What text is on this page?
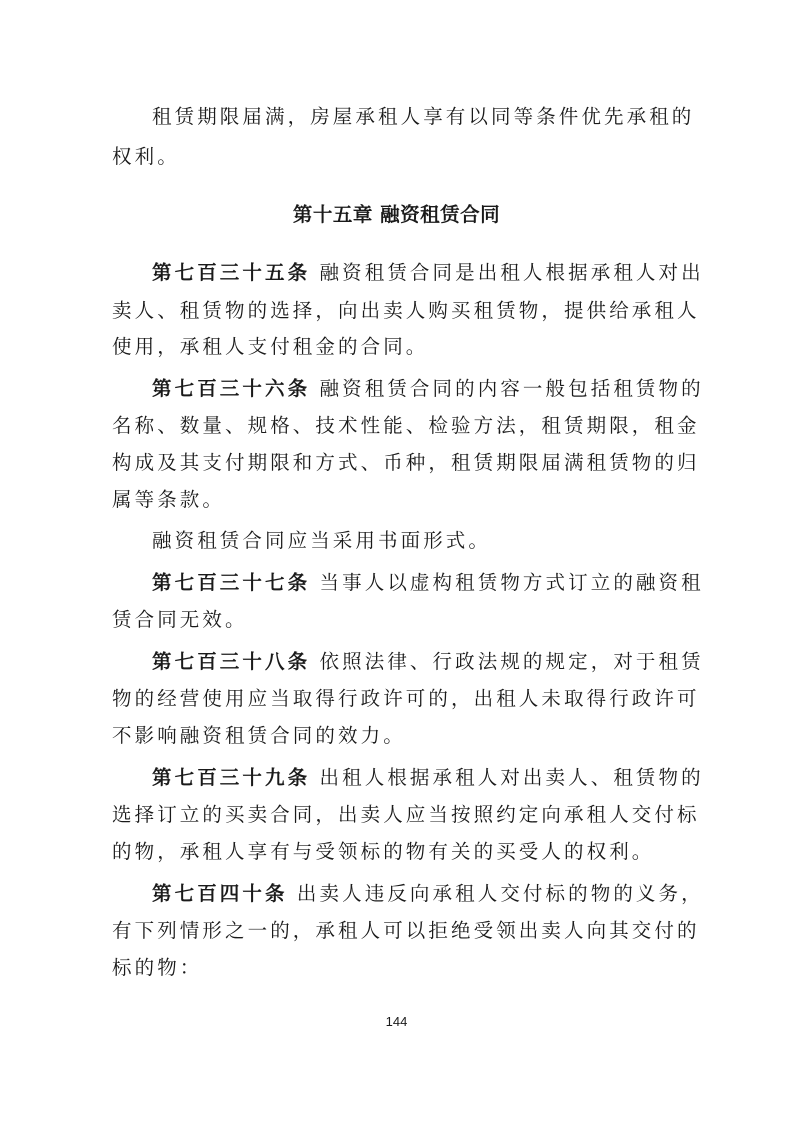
租赁期限届满，房屋承租人享有以同等条件优先承租的
权利。
第十五章 融资租赁合同
第七百三十五条 融资租赁合同是出租人根据承租人对出
卖人、租赁物的选择，向出卖人购买租赁物，提供给承租人
使用，承租人支付租金的合同。
第七百三十六条 融资租赁合同的内容一般包括租赁物的
名称、数量、规格、技术性能、检验方法，租赁期限，租金
构成及其支付期限和方式、币种，租赁期限届满租赁物的归
属等条款。
融资租赁合同应当采用书面形式。
第七百三十七条 当事人以虚构租赁物方式订立的融资租
赁合同无效。
第七百三十八条 依照法律、行政法规的规定，对于租赁
物的经营使用应当取得行政许可的，出租人未取得行政许可
不影响融资租赁合同的效力。
第七百三十九条 出租人根据承租人对出卖人、租赁物的
选择订立的买卖合同，出卖人应当按照约定向承租人交付标
的物，承租人享有与受领标的物有关的买受人的权利。
第七百四十条 出卖人违反向承租人交付标的物的义务，
有下列情形之一的，承租人可以拒绝受领出卖人向其交付的
标的物：
144
